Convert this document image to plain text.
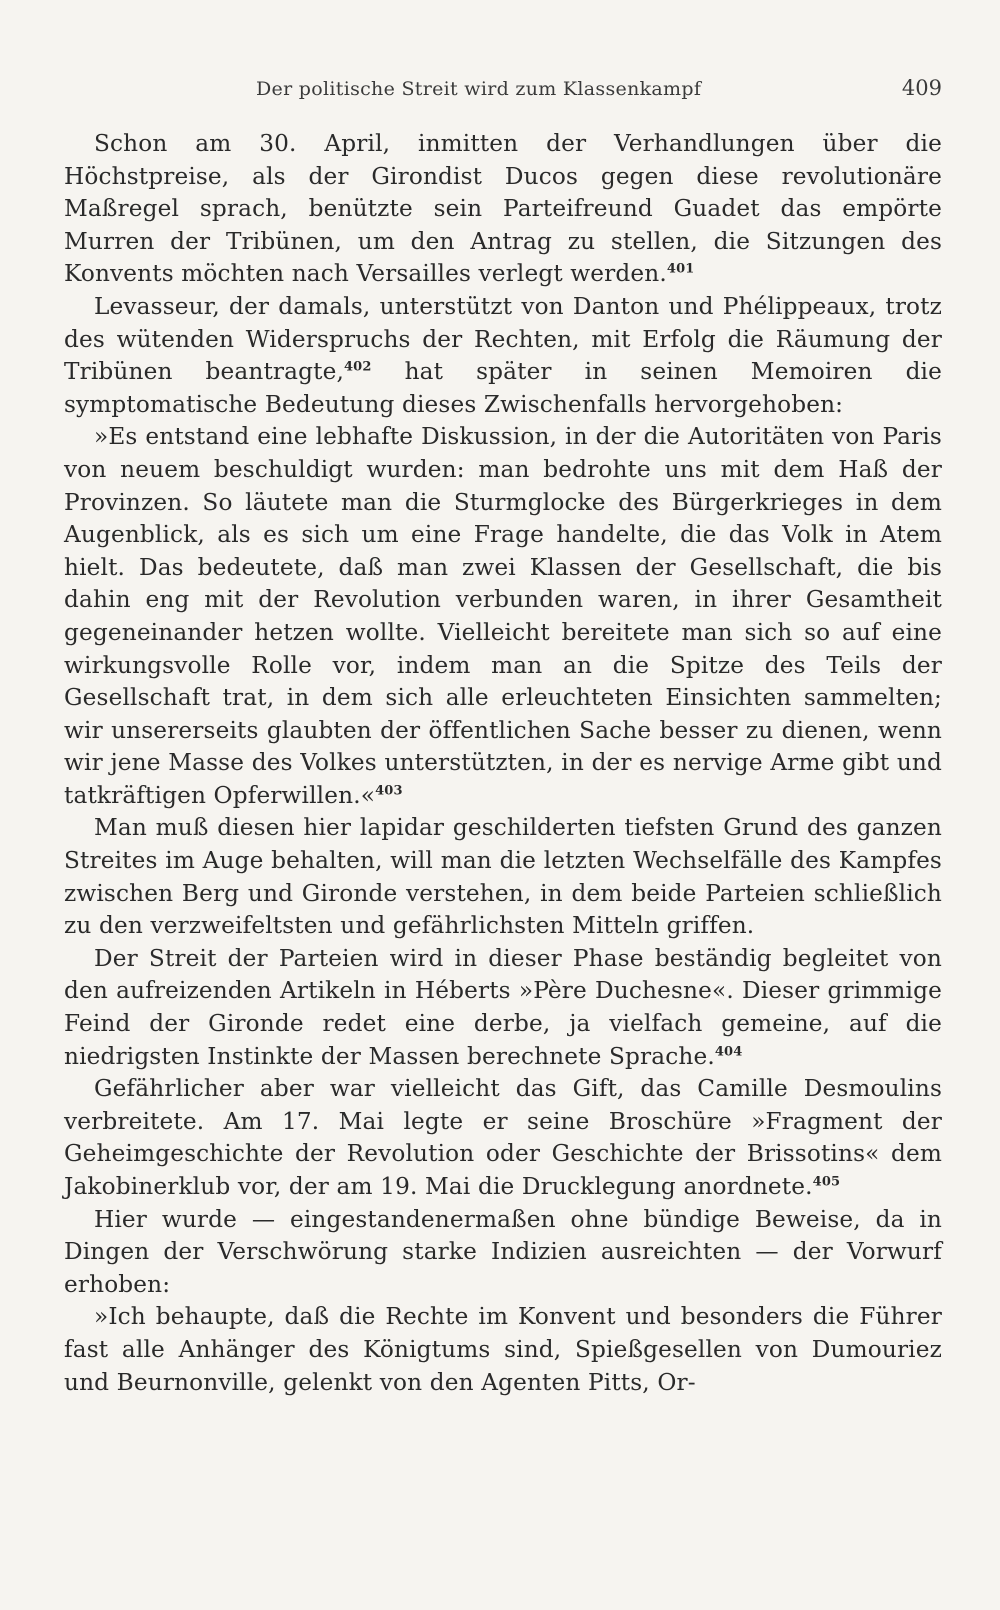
Der politische Streit wird zum Klassenkampf	409

Schon am 30. April, inmitten der Verhandlungen über die Höchstpreise, als der Girondist Ducos gegen diese revolutionäre Maßregel sprach, benützte sein Parteifreund Guadet das empörte Murren der Tribünen, um den Antrag zu stellen, die Sitzungen des Konvents möchten nach Versailles verlegt werden.$^{401}$

Levasseur, der damals, unterstützt von Danton und Phélippeaux, trotz des wütenden Widerspruchs der Rechten, mit Erfolg die Räumung der Tribünen beantragte,$^{402}$ hat später in seinen Memoiren die symptomatische Bedeutung dieses Zwischenfalls hervorgehoben:

»Es entstand eine lebhafte Diskussion, in der die Autoritäten von Paris von neuem beschuldigt wurden: man bedrohte uns mit dem Haß der Provinzen. So läutete man die Sturmglocke des Bürgerkrieges in dem Augenblick, als es sich um eine Frage handelte, die das Volk in Atem hielt. Das bedeutete, daß man zwei Klassen der Gesellschaft, die bis dahin eng mit der Revolution verbunden waren, in ihrer Gesamtheit gegeneinander hetzen wollte. Vielleicht bereitete man sich so auf eine wirkungsvolle Rolle vor, indem man an die Spitze des Teils der Gesellschaft trat, in dem sich alle erleuchteten Einsichten sammelten; wir unsererseits glaubten der öffentlichen Sache besser zu dienen, wenn wir jene Masse des Volkes unterstützten, in der es nervige Arme gibt und tatkräftigen Opferwillen.«$^{403}$

Man muß diesen hier lapidar geschilderten tiefsten Grund des ganzen Streites im Auge behalten, will man die letzten Wechselfälle des Kampfes zwischen Berg und Gironde verstehen, in dem beide Parteien schließlich zu den verzweifeltsten und gefährlichsten Mitteln griffen.

Der Streit der Parteien wird in dieser Phase beständig begleitet von den aufreizenden Artikeln in Héberts »Père Duchesne«. Dieser grimmige Feind der Gironde redet eine derbe, ja vielfach gemeine, auf die niedrigsten Instinkte der Massen berechnete Sprache.$^{404}$

Gefährlicher aber war vielleicht das Gift, das Camille Desmoulins verbreitete. Am 17. Mai legte er seine Broschüre »Fragment der Geheimgeschichte der Revolution oder Geschichte der Brissotins« dem Jakobinerklub vor, der am 19. Mai die Drucklegung anordnete.$^{405}$

Hier wurde — eingestandenermaßen ohne bündige Beweise, da in Dingen der Verschwörung starke Indizien ausreichten — der Vorwurf erhoben:

»Ich behaupte, daß die Rechte im Konvent und besonders die Führer fast alle Anhänger des Königtums sind, Spießgesellen von Dumouriez und Beurnonville, gelenkt von den Agenten Pitts, Or-
